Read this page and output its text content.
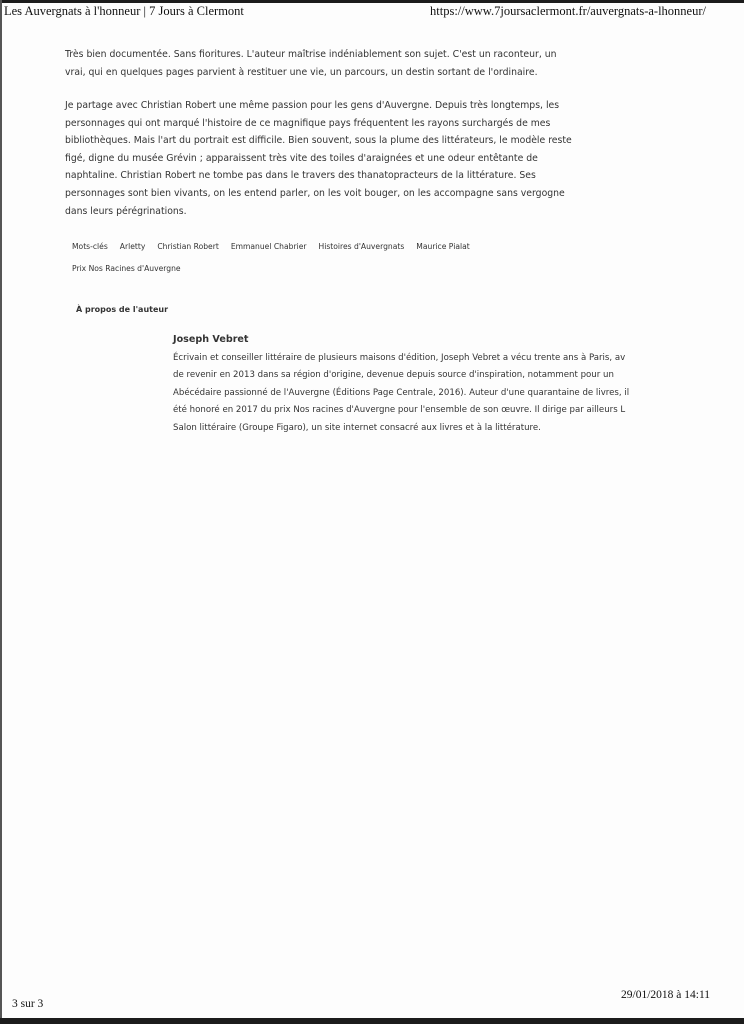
Les Auvergnats à l'honneur | 7 Jours à Clermont	https://www.7joursaclermont.fr/auvergnats-a-lhonneur/

Très bien documentée. Sans fioritures. L'auteur maîtrise indéniablement son sujet. C'est un raconteur, un vrai, qui en quelques pages parvient à restituer une vie, un parcours, un destin sortant de l'ordinaire.

Je partage avec Christian Robert une même passion pour les gens d'Auvergne. Depuis très longtemps, les personnages qui ont marqué l'histoire de ce magnifique pays fréquentent les rayons surchargés de mes bibliothèques. Mais l'art du portrait est difficile. Bien souvent, sous la plume des littérateurs, le modèle reste figé, digne du musée Grévin ; apparaissent très vite des toiles d'araignées et une odeur entêtante de naphtaline. Christian Robert ne tombe pas dans le travers des thanatopracteurs de la littérature. Ses personnages sont bien vivants, on les entend parler, on les voit bouger, on les accompagne sans vergogne dans leurs pérégrinations.

Mots-clés Arletty Christian Robert Emmanuel Chabrier Histoires d'Auvergnats Maurice PialatPrix Nos Racines d'Auvergne
À propos de l'auteur
Joseph Vebret
Écrivain et conseiller littéraire de plusieurs maisons d'édition, Joseph Vebret a vécu trente ans à Paris, av
de revenir en 2013 dans sa région d'origine, devenue depuis source d'inspiration, notamment pour un
Abécédaire passionné de l'Auvergne (Éditions Page Centrale, 2016). Auteur d'une quarantaine de livres, il
été honoré en 2017 du prix Nos racines d'Auvergne pour l'ensemble de son œuvre. Il dirige par ailleurs L
Salon littéraire (Groupe Figaro), un site internet consacré aux livres et à la littérature.
3 sur 3
29/01/2018 à 14:11
